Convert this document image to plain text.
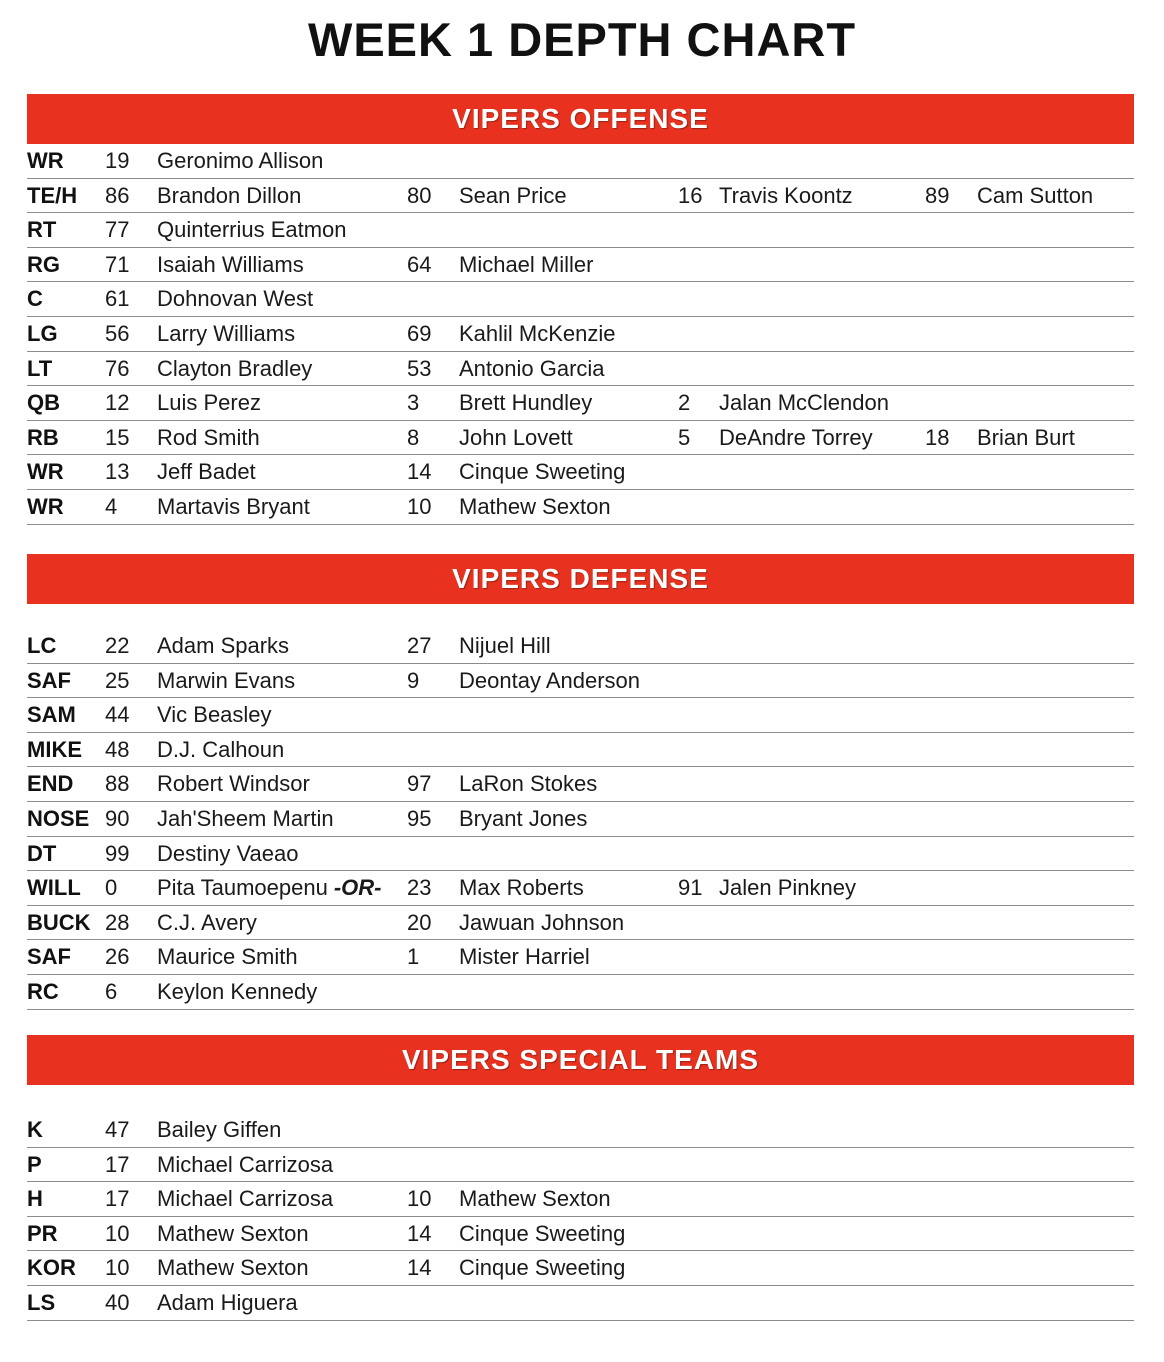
WEEK 1 DEPTH CHART
VIPERS OFFENSE
WR 19 Geronimo Allison
TE/H 86 Brandon Dillon	80 Sean Price	16 Travis Koontz	89 Cam Sutton
RT 77 Quinterrius Eatmon
RG 71 Isaiah Williams	64 Michael Miller
C	61 Dohnovan West
LG 56 Larry Williams	69 Kahlil McKenzie
LT 76 Clayton Bradley	53 Antonio Garcia
QB 12 Luis Perez	3 Brett Hundley	2 Jalan McClendon
RB 15 Rod Smith	8 John Lovett	5 DeAndre Torrey 18 Brian Burt
WR 13 Jeff Badet	14 Cinque Sweeting
WR 4 Martavis Bryant	10 Mathew Sexton
VIPERS DEFENSE
LC 22 Adam Sparks	27 Nijuel Hill
SAF 25 Marwin Evans	9 Deontay Anderson
SAM 44 Vic Beasley
MIKE 48 D.J. Calhoun
END 88 Robert Windsor	97 LaRon Stokes
NOSE 90 Jah'Sheem Martin	95 Bryant Jones
DT 99 Destiny Vaeao
WILL 0 Pita Taumoepenu -OR- 23 Max Roberts	91 Jalen Pinkney
BUCK 28 C.J. Avery	20 Jawuan Johnson
SAF 26 Maurice Smith	1 Mister Harriel
RC 6 Keylon Kennedy
VIPERS SPECIAL TEAMS
K	47 Bailey Giffen
P	17 Michael Carrizosa
H	17 Michael Carrizosa	10 Mathew Sexton
PR 10 Mathew Sexton	14 Cinque Sweeting
KOR 10 Mathew Sexton	14 Cinque Sweeting
LS 40 Adam Higuera
